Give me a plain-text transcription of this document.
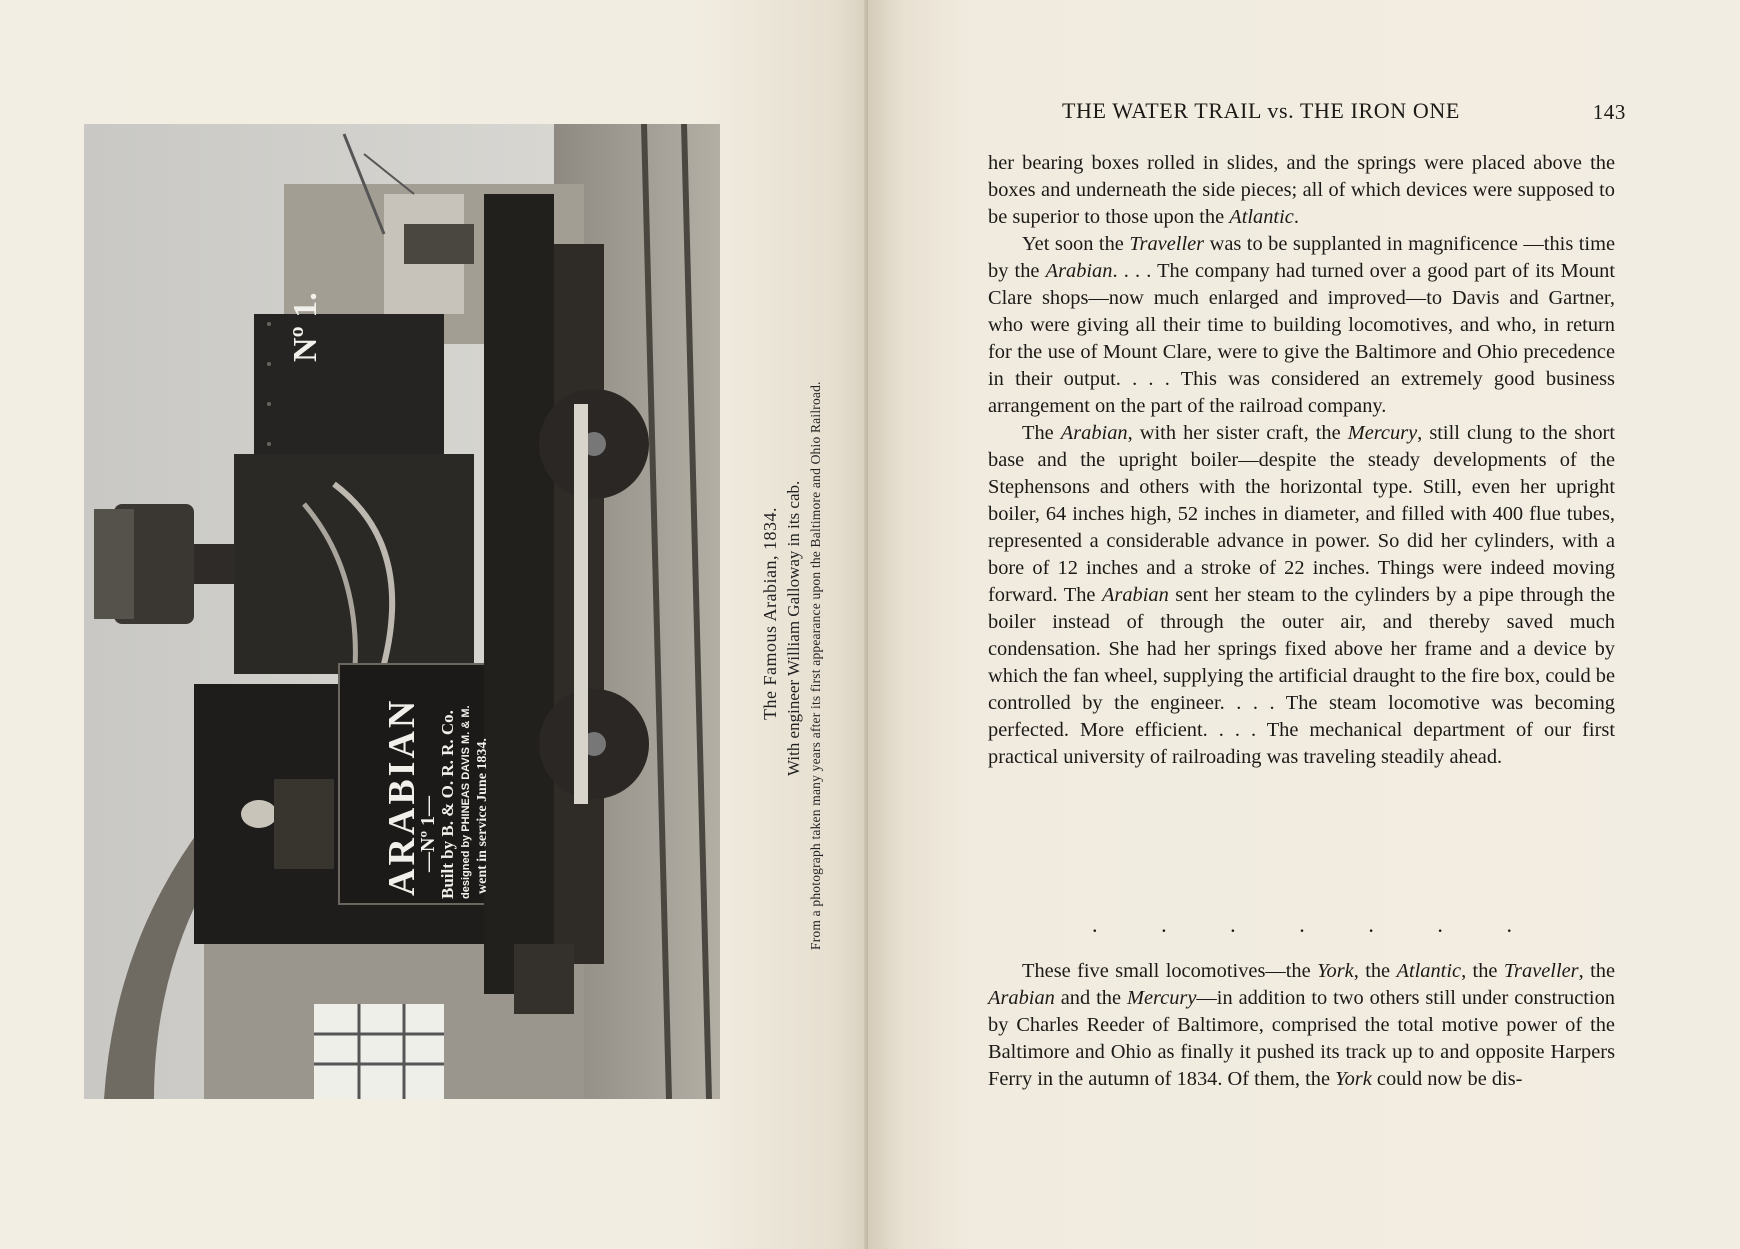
Nº 1.
ARABIAN
—Nº 1— Built by B. & O. R. R. Co. designed by PHINEAS DAVIS M. & M. went in service June 1834.
The Famous Arabian, 1834. With engineer William Galloway in its cab. From a photograph taken many years after its first appearance upon the Baltimore and Ohio Railroad.
THE WATER TRAIL vs. THE IRON ONE	143

her bearing boxes rolled in slides, and the springs were placed above the boxes and underneath the side pieces; all of which devices were supposed to be superior to those upon the Atlantic.

Yet soon the Traveller was to be supplanted in magnificence —this time by the Arabian. . . . The company had turned over a good part of its Mount Clare shops—now much enlarged and improved—to Davis and Gartner, who were giving all their time to building locomotives, and who, in return for the use of Mount Clare, were to give the Baltimore and Ohio precedence in their output. . . . This was considered an extremely good business arrangement on the part of the railroad company.

The Arabian, with her sister craft, the Mercury, still clung to the short base and the upright boiler—despite the steady developments of the Stephensons and others with the horizontal type. Still, even her upright boiler, 64 inches high, 52 inches in diameter, and filled with 400 flue tubes, represented a considerable advance in power. So did her cylinders, with a bore of 12 inches and a stroke of 22 inches. Things were indeed moving forward. The Arabian sent her steam to the cylinders by a pipe through the boiler instead of through the outer air, and thereby saved much condensation. She had her springs fixed above her frame and a device by which the fan wheel, supplying the artificial draught to the fire box, could be controlled by the engineer. . . . The steam locomotive was becoming perfected. More efficient. . . . The mechanical department of our first practical university of railroading was traveling steadily ahead.

.	.	.	.	.	.	.

These five small locomotives—the York, the Atlantic, the Traveller, the Arabian and the Mercury—in addition to two others still under construction by Charles Reeder of Baltimore, comprised the total motive power of the Baltimore and Ohio as finally it pushed its track up to and opposite Harpers Ferry in the autumn of 1834. Of them, the York could now be dis-
